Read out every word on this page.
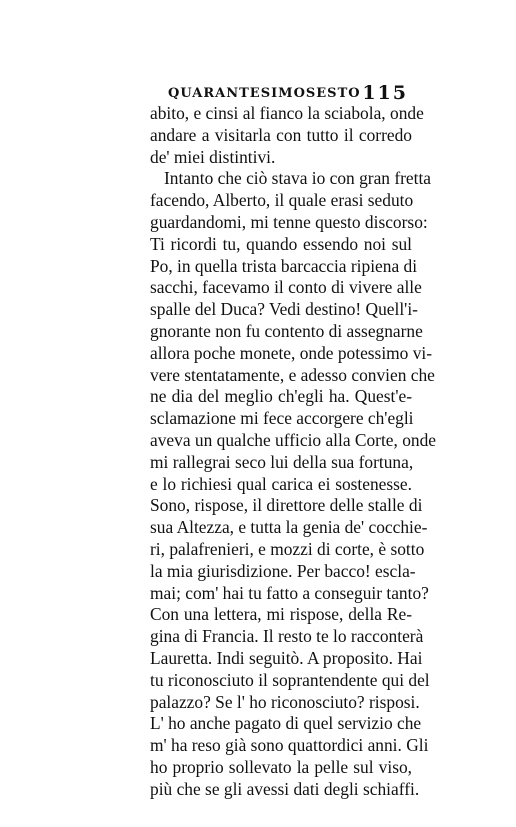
QUARANTESIMOSESTO 115
abito, e cinsi al fianco la sciabola, onde
andare a visitarla con tutto il corredo
de' miei distintivi.
Intanto che ciò stava io con gran fretta
facendo, Alberto, il quale erasi seduto
guardandomi, mi tenne questo discorso:
Ti ricordi tu, quando essendo noi sul
Po, in quella trista barcaccia ripiena di
sacchi, facevamo il conto di vivere alle
spalle del Duca? Vedi destino! Quell'i-
gnorante non fu contento di assegnarne
allora poche monete, onde potessimo vi-
vere stentatamente, e adesso convien che
ne dia del meglio ch'egli ha. Quest'e-
sclamazione mi fece accorgere ch'egli
aveva un qualche ufficio alla Corte, onde
mi rallegrai seco lui della sua fortuna,
e lo richiesi qual carica ei sostenesse.
Sono, rispose, il direttore delle stalle di
sua Altezza, e tutta la genia de' cocchie-
ri, palafrenieri, e mozzi di corte, è sotto
la mia giurisdizione. Per bacco! escla-
mai; com' hai tu fatto a conseguir tanto?
Con una lettera, mi rispose, della Re-
gina di Francia. Il resto te lo racconterà
Lauretta. Indi seguitò. A proposito. Hai
tu riconosciuto il soprantendente qui del
palazzo? Se l' ho riconosciuto? risposi.
L' ho anche pagato di quel servizio che
m' ha reso già sono quattordici anni. Gli
ho proprio sollevato la pelle sul viso,
più che se gli avessi dati degli schiaffi.
